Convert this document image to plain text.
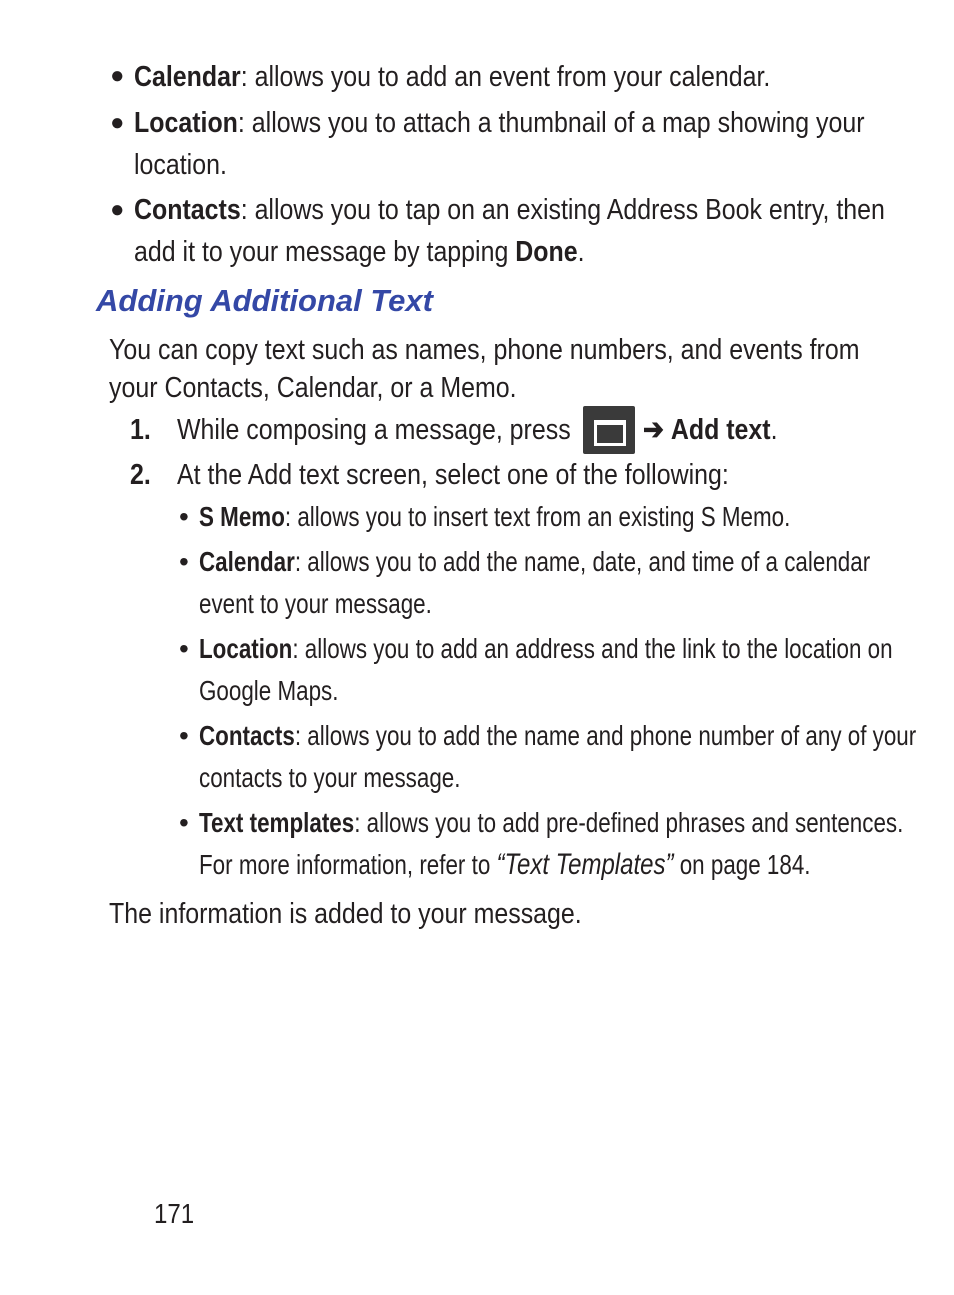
● Calendar: allows you to add an event from your calendar.
● Location: allows you to attach a thumbnail of a map showing your
location.
● Contacts: allows you to tap on an existing Address Book entry, then
add it to your message by tapping Done.
Adding Additional Text
You can copy text such as names, phone numbers, and events from
your Contacts, Calendar, or a Memo.
1. While composing a message, press	➔ Add text.
2. At the Add text screen, select one of the following:
• S Memo: allows you to insert text from an existing S Memo.
• Calendar: allows you to add the name, date, and time of a calendar
event to your message.
• Location: allows you to add an address and the link to the location on
Google Maps.
• Contacts: allows you to add the name and phone number of any of your
contacts to your message.
• Text templates: allows you to add pre-defined phrases and sentences.
For more information, refer to “Text Templates” on page 184.
The information is added to your message.
171
